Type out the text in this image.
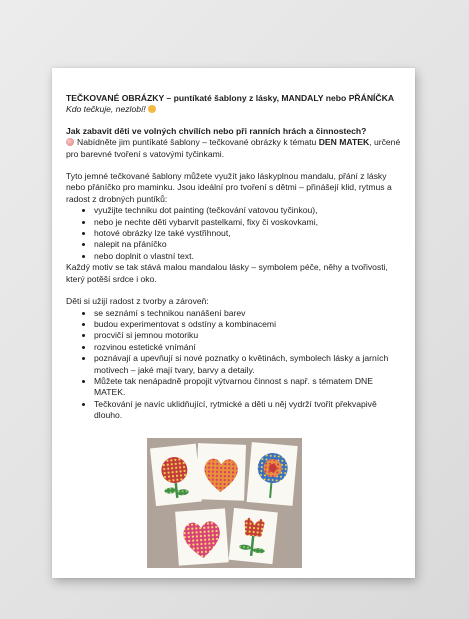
TEČKOVANÉ OBRÁZKY – puntíkaté šablony z lásky, MANDALY nebo PŘÁNÍČKA

Kdo tečkuje, nezlobí!

Jak zabavit děti ve volných chvílích nebo při ranních hrách a činnostech?

Nabídněte jim puntíkaté šablony – tečkované obrázky k tématu DEN MATEK, určené pro barevné tvoření s vatovými tyčinkami.

Tyto jemné tečkované šablony můžete využít jako láskyplnou mandalu, přání z lásky nebo přáníčko pro maminku. Jsou ideální pro tvoření s dětmi – přinášejí klid, rytmus a radost z drobných puntíků:

• využijte techniku dot painting (tečkování vatovou tyčinkou),
• nebo je nechte děti vybarvit pastelkami, fixy či voskovkami,
• hotové obrázky lze také vystřihnout,
• nalepit na přáníčko
• nebo doplnit o vlastní text.

Každý motiv se tak stává malou mandalou lásky – symbolem péče, něhy a tvořivosti, který potěší srdce i oko.

Děti si užijí radost z tvorby a zároveň:

• se seznámí s technikou nanášení barev
• budou experimentovat s odstíny a kombinacemi
• procvičí si jemnou motoriku
• rozvinou estetické vnímání
• poznávají a upevňují si nové poznatky o květinách, symbolech lásky a jarních motivech – jaké mají tvary, barvy a detaily.
• Můžete tak nenápadně propojit výtvarnou činnost s např. s tématem DNE MATEK.
• Tečkování je navíc uklidňující, rytmické a děti u něj vydrží tvořit překvapivě dlouho.
